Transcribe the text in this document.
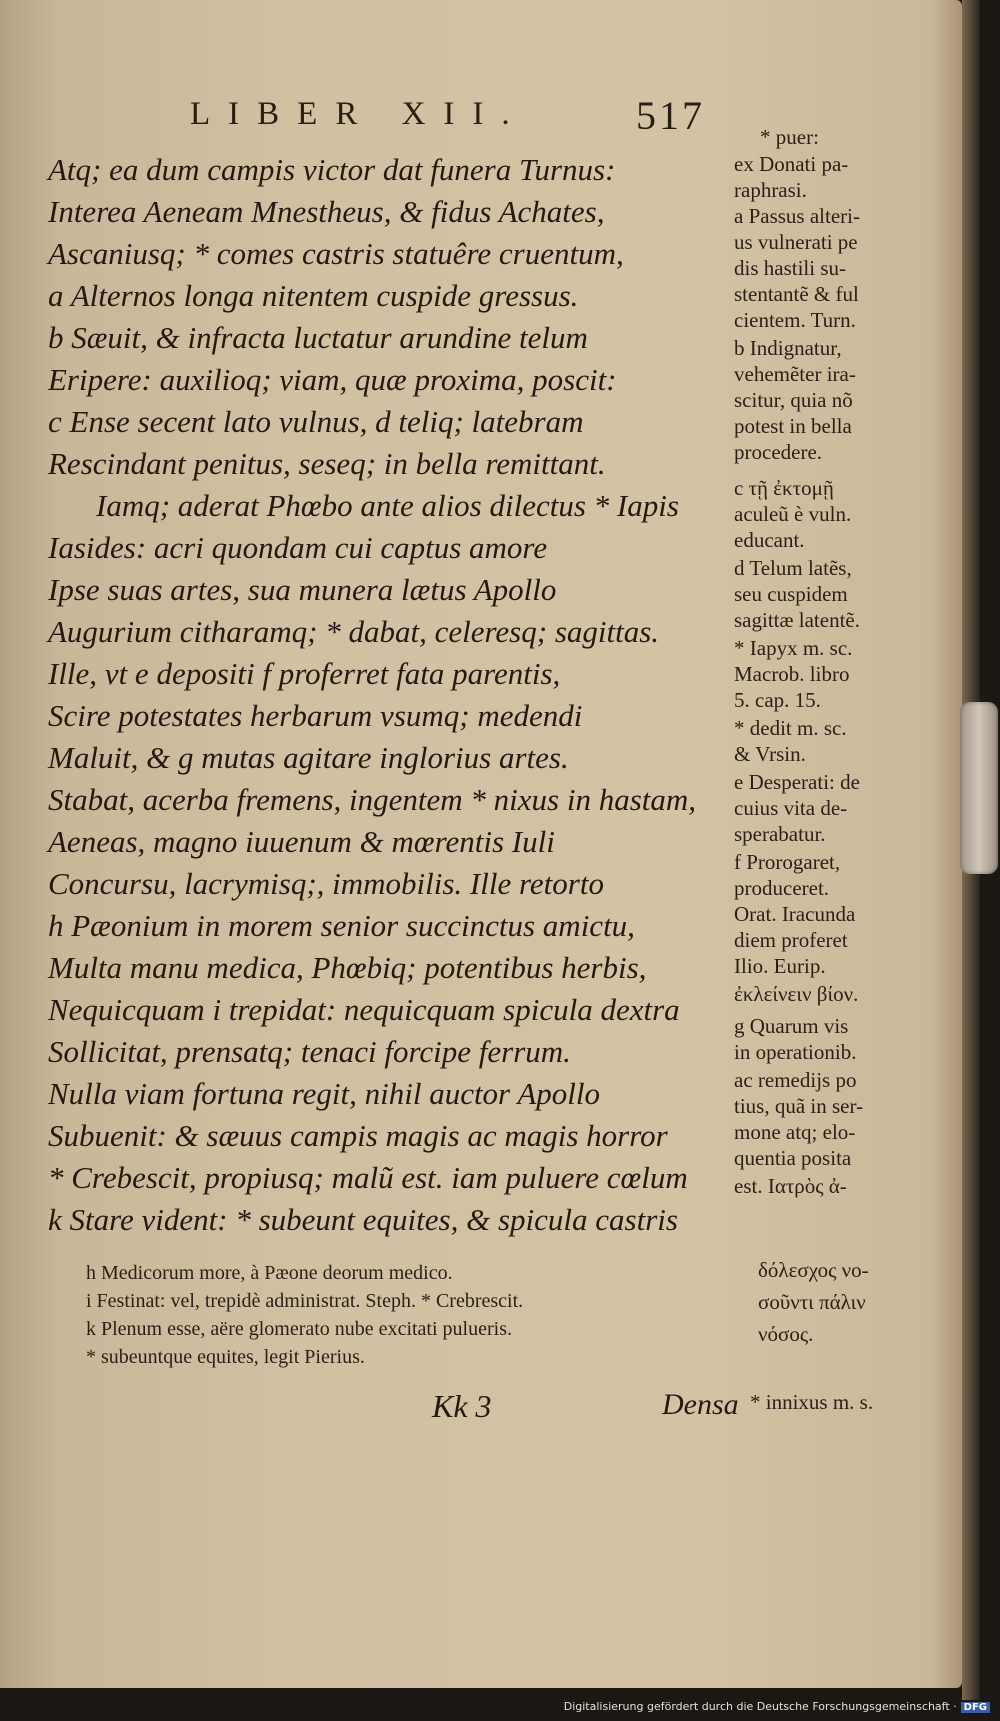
LIBER XII.	517
Atq; ea dum campis victor dat funera Turnus:
Interea Aeneam Mnestheus, & fidus Achates,
Ascaniusq; * comes castris statuêre cruentum,
a Alternos longa nitentem cuspide gressus.
b Sæuit, & infracta luctatur arundine telum
Eripere: auxilioq; viam, quæ proxima, poscit:
c Ense secent lato vulnus, d teliq; latebram
Rescindant penitus, seseq; in bella remittant.
Iamq; aderat Phœbo ante alios dilectus * Iapis
Iasides: acri quondam cui captus amore
Ipse suas artes, sua munera lætus Apollo
Augurium citharamq; * dabat, celeresq; sagittas.
Ille, vt e depositi f proferret fata parentis,
Scire potestates herbarum vsumq; medendi
Maluit, & g mutas agitare inglorius artes.
Stabat, acerba fremens, ingentem * nixus in hastam,
Aeneas, magno iuuenum & mœrentis Iuli
Concursu, lacrymisq;, immobilis. Ille retorto
h Pæonium in morem senior succinctus amictu,
Multa manu medica, Phœbiq; potentibus herbis,
Nequicquam i trepidat: nequicquam spicula dextra
Sollicitat, prensatq; tenaci forcipe ferrum.
Nulla viam fortuna regit, nihil auctor Apollo
Subuenit: & sæuus campis magis ac magis horror
* Crebescit, propiusq; malũ est. iam puluere cœlum
k Stare vident: * subeunt equites, & spicula castris
h Medicorum more, à Pæone deorum medico.
i Festinat: vel, trepidè administrat. Steph. * Crebrescit.
k Plenum esse, aëre glomerato nube excitati pulueris.
* subeuntque equites, legit Pierius.
Kk 3	Densa
* puer:
ex Donati pa-
raphrasi.
a Passus alteri-
us vulnerati pe
dis hastili su-
stentantẽ & ful
cientem. Turn.
b Indignatur,
vehemẽter ira-
scitur, quia nõ
potest in bella
procedere.
c τῇ ἐκτομῇ
aculeũ è vuln.
educant.
d Telum latẽs,
seu cuspidem
sagittæ latentẽ.
* Iapyx m. sc.
Macrob. libro
5. cap. 15.
* dedit m. sc.
& Vrsin.
e Desperati: de
cuius vita de-
sperabatur.
f Prorogaret,
produceret.
Orat. Iracunda
diem proferet
Ilio. Eurip.
ἐκλείνειν βίον.
g Quarum vis
in operationib.
ac remedijs po
tius, quã in ser-
mone atq; elo-
quentia posita
est. Ιατρὸς ἀ-
δόλεσχος νο-
σοῦντι πάλιν
νόσος.
* innixus m. s.
Digitalisierung gefördert durch die Deutsche Forschungsgemeinschaft · DFG
